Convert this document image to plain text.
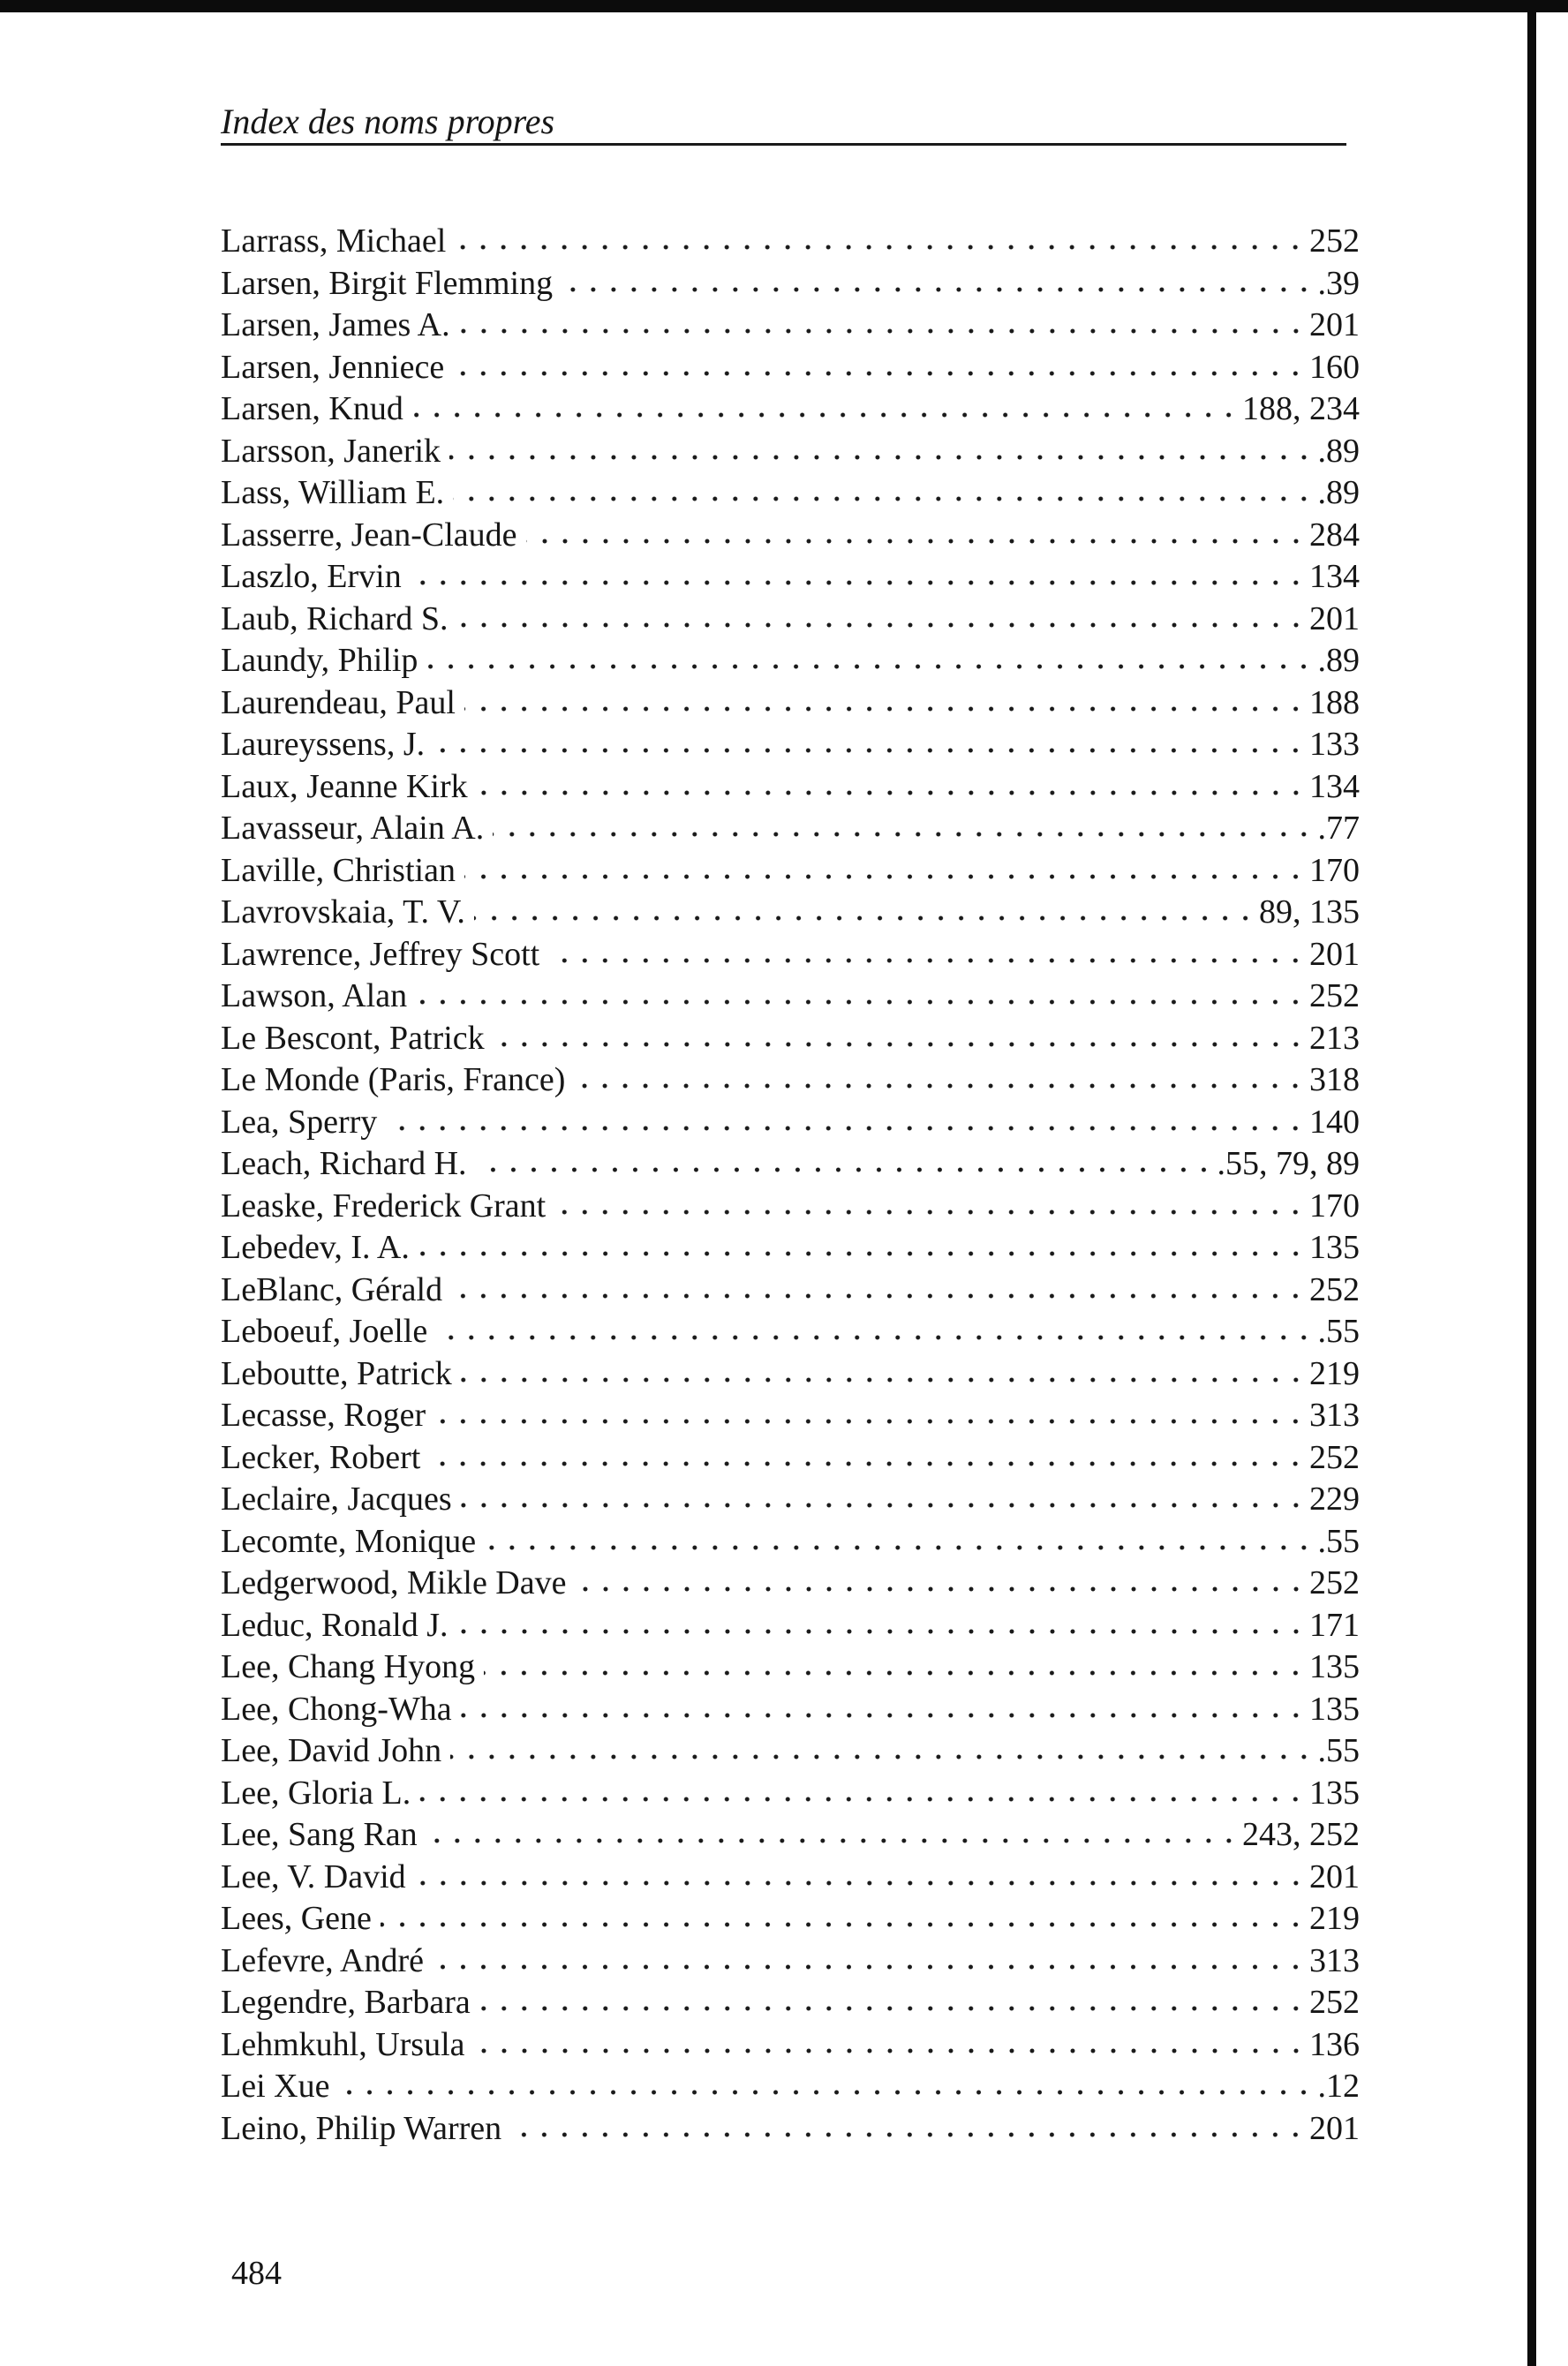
Index des noms propres
Larrass, Michael	252
Larsen, Birgit Flemming	.39
Larsen, James A.	201
Larsen, Jenniece	160
Larsen, Knud	188, 234
Larsson, Janerik	.89
Lass, William E.	.89
Lasserre, Jean-Claude	284
Laszlo, Ervin	134
Laub, Richard S.	201
Laundy, Philip	.89
Laurendeau, Paul	188
Laureyssens, J.	133
Laux, Jeanne Kirk	134
Lavasseur, Alain A.	.77
Laville, Christian	170
Lavrovskaia, T. V.	89, 135
Lawrence, Jeffrey Scott	201
Lawson, Alan	252
Le Bescont, Patrick	213
Le Monde (Paris, France)	318
Lea, Sperry	140
Leach, Richard H.	.55, 79, 89
Leaske, Frederick Grant	170
Lebedev, I. A.	135
LeBlanc, Gérald	252
Leboeuf, Joelle	.55
Leboutte, Patrick	219
Lecasse, Roger	313
Lecker, Robert	252
Leclaire, Jacques	229
Lecomte, Monique	.55
Ledgerwood, Mikle Dave	252
Leduc, Ronald J.	171
Lee, Chang Hyong	135
Lee, Chong-Wha	135
Lee, David John	.55
Lee, Gloria L.	135
Lee, Sang Ran	243, 252
Lee, V. David	201
Lees, Gene	219
Lefevre, André	313
Legendre, Barbara	252
Lehmkuhl, Ursula	136
Lei Xue	.12
Leino, Philip Warren	201
484
